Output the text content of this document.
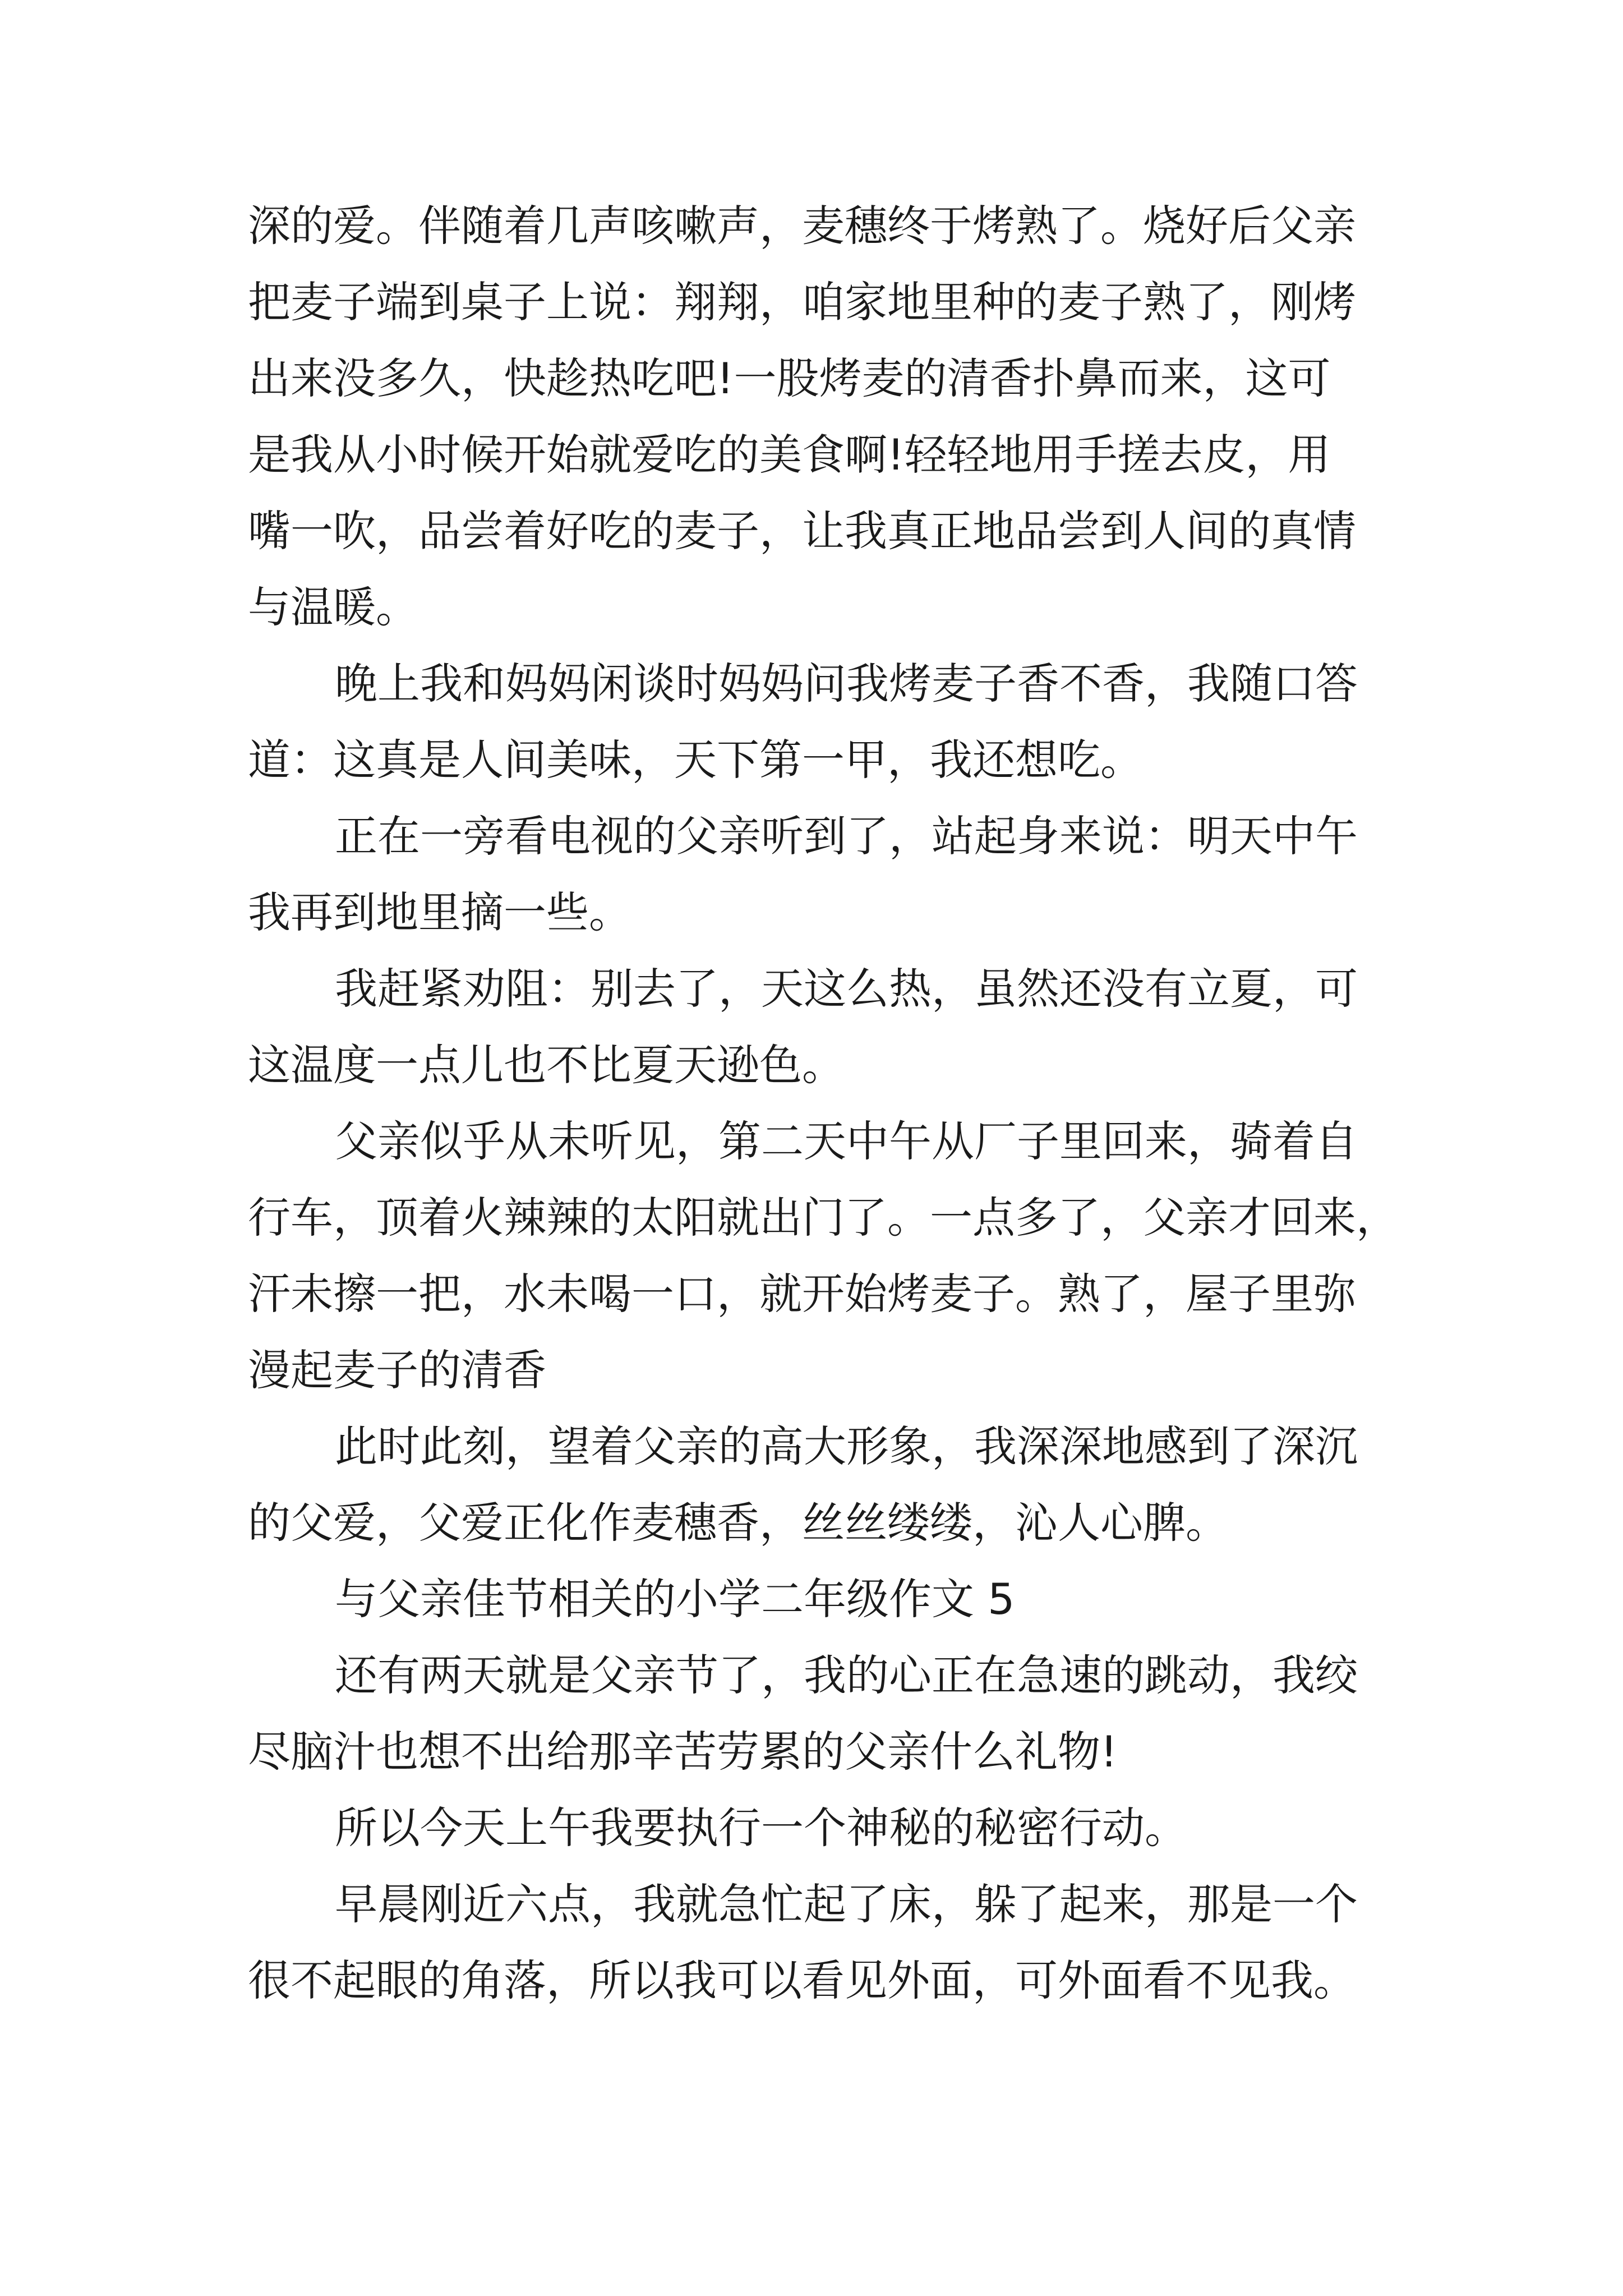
深的爱。伴随着几声咳嗽声，麦穗终于烤熟了。烧好后父亲
把麦子端到桌子上说：翔翔，咱家地里种的麦子熟了，刚烤
出来没多久，快趁热吃吧!一股烤麦的清香扑鼻而来，这可
是我从小时候开始就爱吃的美食啊!轻轻地用手搓去皮，用
嘴一吹，品尝着好吃的麦子，让我真正地品尝到人间的真情
与温暖。
晚上我和妈妈闲谈时妈妈问我烤麦子香不香，我随口答
道：这真是人间美味，天下第一甲，我还想吃。
正在一旁看电视的父亲听到了，站起身来说：明天中午
我再到地里摘一些。
我赶紧劝阻：别去了，天这么热，虽然还没有立夏，可
这温度一点儿也不比夏天逊色。
父亲似乎从未听见，第二天中午从厂子里回来，骑着自
行车，顶着火辣辣的太阳就出门了。一点多了，父亲才回来，
汗未擦一把，水未喝一口，就开始烤麦子。熟了，屋子里弥
漫起麦子的清香
此时此刻，望着父亲的高大形象，我深深地感到了深沉
的父爱，父爱正化作麦穗香，丝丝缕缕，沁人心脾。
与父亲佳节相关的小学二年级作文 5
还有两天就是父亲节了，我的心正在急速的跳动，我绞
尽脑汁也想不出给那辛苦劳累的父亲什么礼物!
所以今天上午我要执行一个神秘的秘密行动。
早晨刚近六点，我就急忙起了床，躲了起来，那是一个
很不起眼的角落，所以我可以看见外面，可外面看不见我。
